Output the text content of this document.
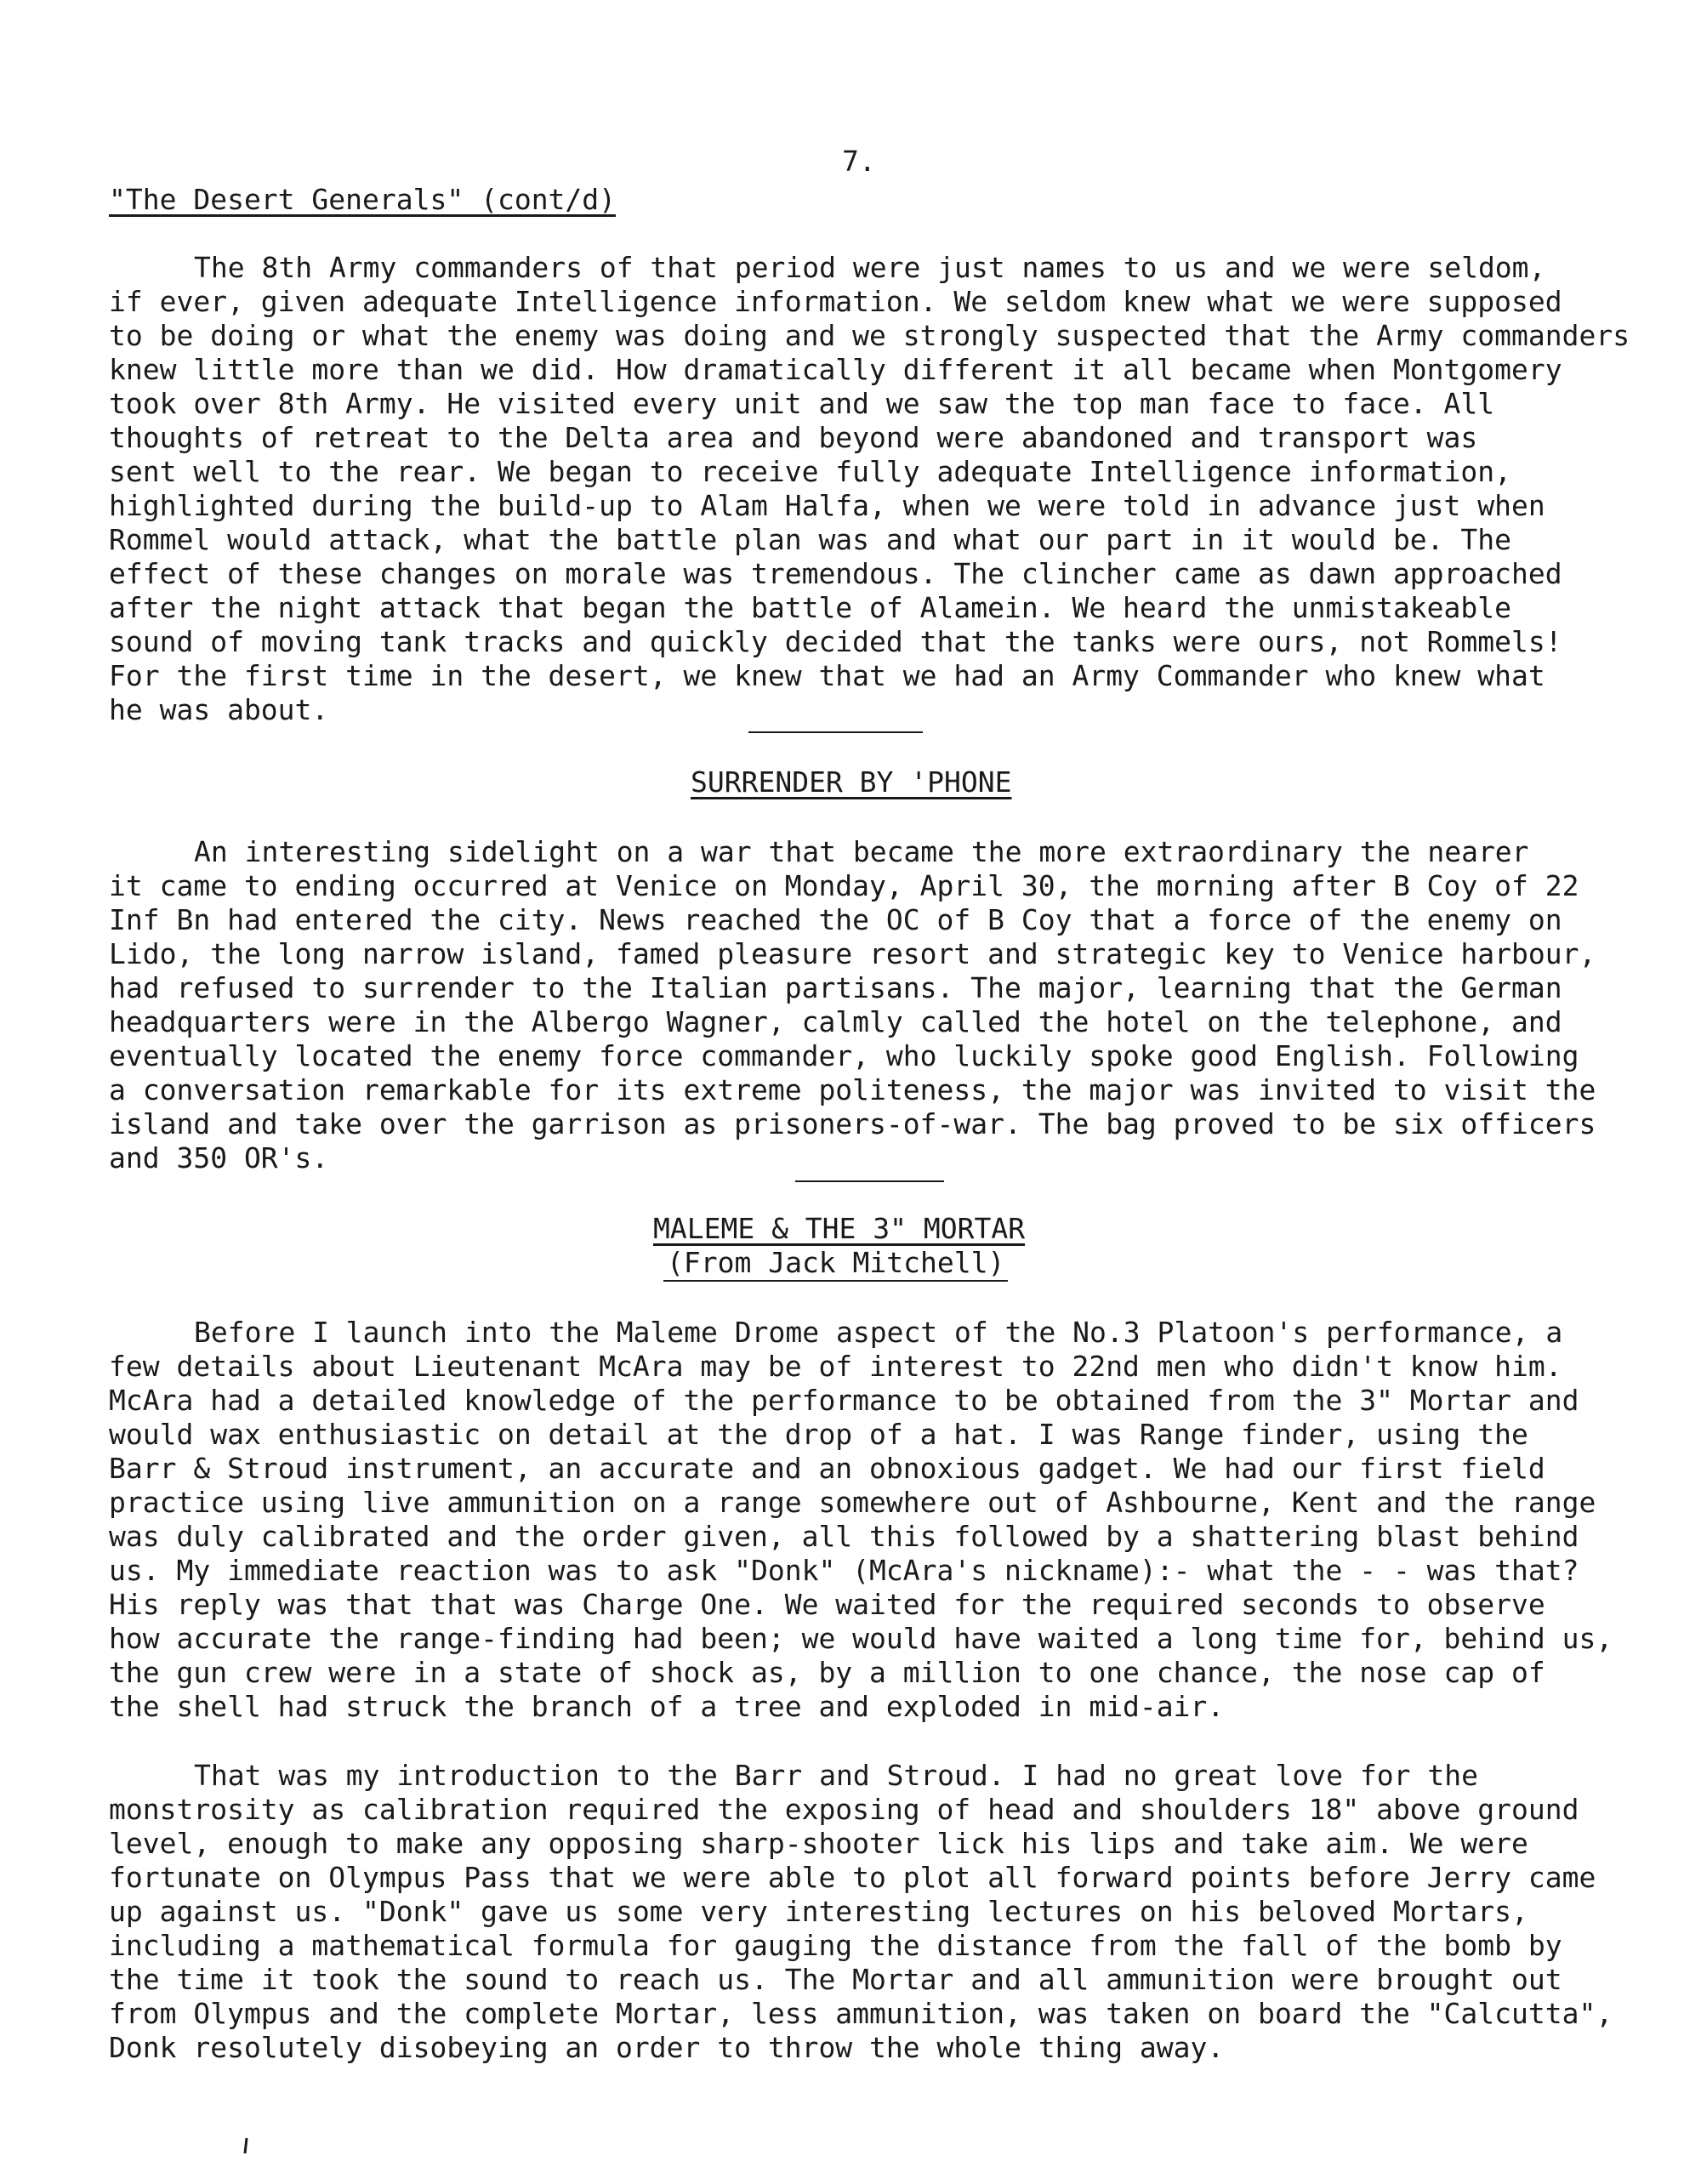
7.
"The Desert Generals" (cont/d)
The 8th Army commanders of that period were just names to us and we were seldom,
if ever, given adequate Intelligence information. We seldom knew what we were supposed
to be doing or what the enemy was doing and we strongly suspected that the Army commanders
knew little more than we did. How dramatically different it all became when Montgomery
took over 8th Army. He visited every unit and we saw the top man face to face. All
thoughts of retreat to the Delta area and beyond were abandoned and transport was
sent well to the rear. We began to receive fully adequate Intelligence information,
highlighted during the build-up to Alam Halfa, when we were told in advance just when
Rommel would attack, what the battle plan was and what our part in it would be. The
effect of these changes on morale was tremendous. The clincher came as dawn approached
after the night attack that began the battle of Alamein. We heard the unmistakeable
sound of moving tank tracks and quickly decided that the tanks were ours, not Rommels!
For the first time in the desert, we knew that we had an Army Commander who knew what
he was about.
SURRENDER BY 'PHONE
An interesting sidelight on a war that became the more extraordinary the nearer
it came to ending occurred at Venice on Monday, April 30, the morning after B Coy of 22
Inf Bn had entered the city. News reached the OC of B Coy that a force of the enemy on
Lido, the long narrow island, famed pleasure resort and strategic key to Venice harbour,
had refused to surrender to the Italian partisans. The major, learning that the German
headquarters were in the Albergo Wagner, calmly called the hotel on the telephone, and
eventually located the enemy force commander, who luckily spoke good English. Following
a conversation remarkable for its extreme politeness, the major was invited to visit the
island and take over the garrison as prisoners-of-war. The bag proved to be six officers
and 350 OR's.
MALEME & THE 3" MORTAR
(From Jack Mitchell)
Before I launch into the Maleme Drome aspect of the No.3 Platoon's performance, a
few details about Lieutenant McAra may be of interest to 22nd men who didn't know him.
McAra had a detailed knowledge of the performance to be obtained from the 3" Mortar and
would wax enthusiastic on detail at the drop of a hat. I was Range finder, using the
Barr & Stroud instrument, an accurate and an obnoxious gadget. We had our first field
practice using live ammunition on a range somewhere out of Ashbourne, Kent and the range
was duly calibrated and the order given, all this followed by a shattering blast behind
us. My immediate reaction was to ask "Donk" (McAra's nickname):- what the - - was that?
His reply was that that was Charge One. We waited for the required seconds to observe
how accurate the range-finding had been; we would have waited a long time for, behind us,
the gun crew were in a state of shock as, by a million to one chance, the nose cap of
the shell had struck the branch of a tree and exploded in mid-air.
That was my introduction to the Barr and Stroud. I had no great love for the
monstrosity as calibration required the exposing of head and shoulders 18" above ground
level, enough to make any opposing sharp-shooter lick his lips and take aim. We were
fortunate on Olympus Pass that we were able to plot all forward points before Jerry came
up against us. "Donk" gave us some very interesting lectures on his beloved Mortars,
including a mathematical formula for gauging the distance from the fall of the bomb by
the time it took the sound to reach us. The Mortar and all ammunition were brought out
from Olympus and the complete Mortar, less ammunition, was taken on board the "Calcutta",
Donk resolutely disobeying an order to throw the whole thing away.
